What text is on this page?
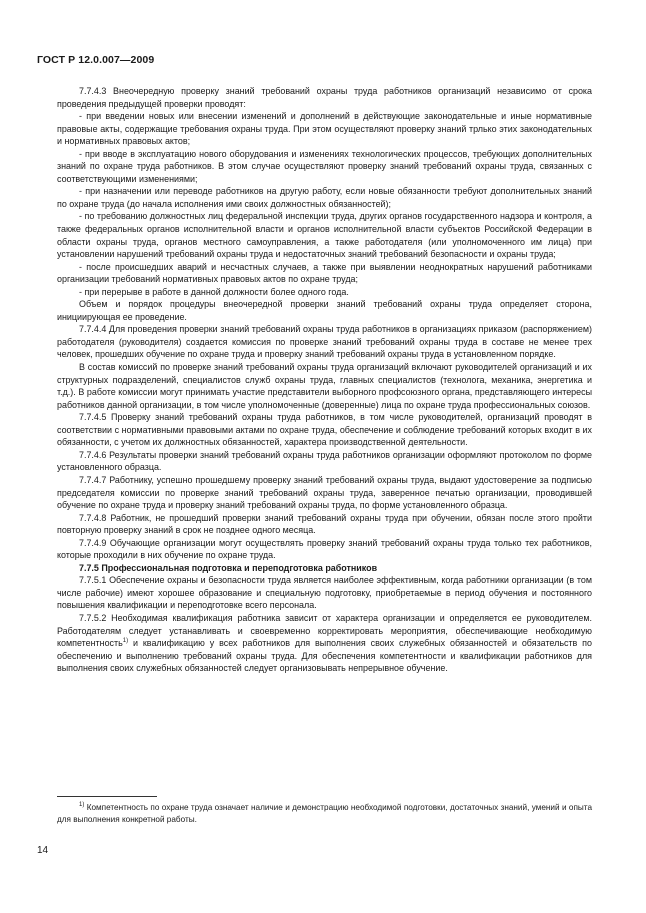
ГОСТ Р 12.0.007—2009

7.7.4.3 Внеочередную проверку знаний требований охраны труда работников организаций независимо от срока проведения предыдущей проверки проводят:

- при введении новых или внесении изменений и дополнений в действующие законодательные и иные нормативные правовые акты, содержащие требования охраны труда. При этом осуществляют проверку знаний тр​лько этих законодательных и нормативных правовых актов;

- при вводе в эксплуатацию нового оборудования и изменениях технологических процессов, требующих дополнительных знаний по охране труда работников. В этом случае осуществляют проверку знаний требований охраны труда, связанных с соответствующими изменениями;

- при назначении или переводе работников на другую работу, если новые обязанности требуют дополнительных знаний по охране труда (до начала исполнения ими своих должностных обязанностей);

- по требованию должностных лиц федеральной инспекции труда, других органов государственного надзора и контроля, а также федеральных органов исполнительной власти и органов исполнительной власти субъектов Российской Федерации в области охраны труда, органов местного самоуправления, а также работодателя (или уполномоченного им лица) при установлении нарушений требований охраны труда и недостаточных знаний требований безопасности и охраны труда;

- после происшедших аварий и несчастных случаев, а также при выявлении неоднократных нарушений работниками организации требований нормативных правовых актов по охране труда;

- при перерыве в работе в данной должности более одного года.

Объем и порядок процедуры внеочередной проверки знаний требований охраны труда определяет сторона, инициирующая ее проведение.

7.7.4.4 Для проведения проверки знаний требований охраны труда работников в организациях приказом (распоряжением) работодателя (руководителя) создается комиссия по проверке знаний требований охраны труда в составе не менее трех человек, прошедших обучение по охране труда и проверку знаний требований охраны труда в установленном порядке.

В состав комиссий по проверке знаний требований охраны труда организаций включают руководителей организаций и их структурных подразделений, специалистов служб охраны труда, главных специалистов (технолога, механика, энергетика и т.д.). В работе комиссии могут принимать участие представители выборного профсоюзного органа, представляющего интересы работников данной организации, в том числе уполномоченные (доверенные) лица по охране труда профессиональных союзов.

7.7.4.5 Проверку знаний требований охраны труда работников, в том числе руководителей, организаций проводят в соответствии с нормативными правовыми актами по охране труда, обеспечение и соблюдение требований которых входит в их обязанности, с учетом их должностных обязанностей, характера производственной деятельности.

7.7.4.6 Результаты проверки знаний требований охраны труда работников организации оформляют протоколом по форме установленного образца.

7.7.4.7 Работнику, успешно прошедшему проверку знаний требований охраны труда, выдают удостоверение за подписью председателя комиссии по проверке знаний требований охраны труда, заверенное печатью организации, проводившей обучение по охране труда и проверку знаний требований охраны труда, по форме установленного образца.

7.7.4.8 Работник, не прошедший проверки знаний требований охраны труда при обучении, обязан после этого пройти повторную проверку знаний в срок не позднее одного месяца.

7.7.4.9 Обучающие организации могут осуществлять проверку знаний требований охраны труда только тех работников, которые проходили в них обучение по охране труда.

7.7.5 Профессиональная подготовка и переподготовка работников

7.7.5.1 Обеспечение охраны и безопасности труда является наиболее эффективным, когда работники организации (в том числе рабочие) имеют хорошее образование и специальную подготовку, приобретаемые в период обучения и постоянного повышения квалификации и переподготовке всего персонала.

7.7.5.2 Необходимая квалификация работника зависит от характера организации и определяется ее руководителем. Работодателям следует устанавливать и своевременно корректировать мероприятия, обеспечивающие необходимую компетентность$^{1)}$ и квалификацию у всех работников для выполнения своих служебных обязанностей и обязательств по обеспечению и выполнению требований охраны труда. Для обеспечения компетентности и квалификации работников для выполнения своих служебных обязанностей следует организовывать непрерывное обучение.

$^{1)}$ Компетентность по охране труда означает наличие и демонстрацию необходимой подготовки, достаточных знаний, умений и опыта для выполнения конкретной работы.
14
